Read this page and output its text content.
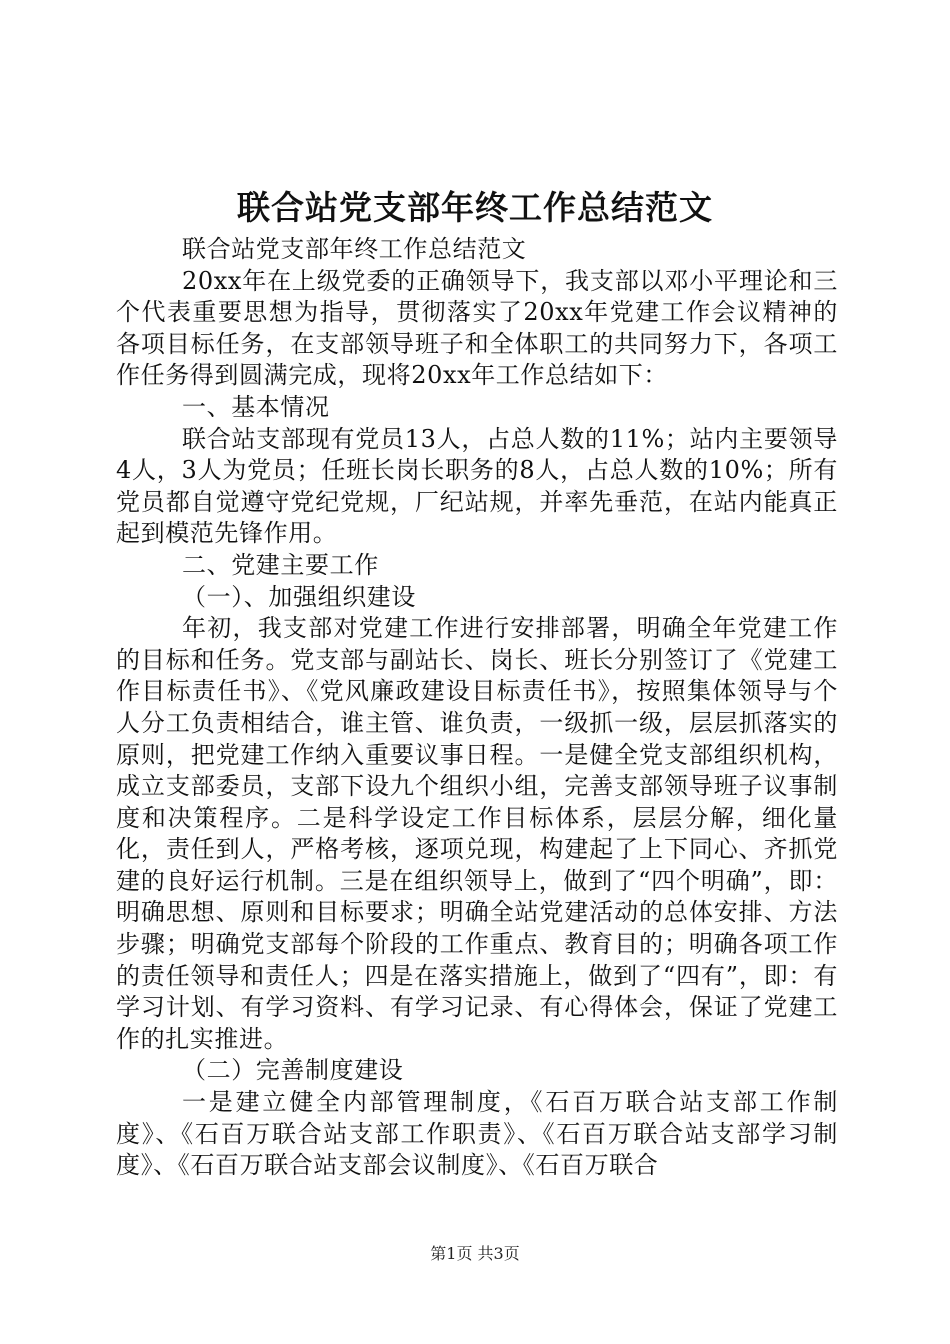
联合站党支部年终工作总结范文

联合站党支部年终工作总结范文

20xx年在上级党委的正确领导下，我支部以邓小平理论和三个代表重要思想为指导，贯彻落实了20xx年党建工作会议精神的各项目标任务，在支部领导班子和全体职工的共同努力下，各项工作任务得到圆满完成，现将20xx年工作总结如下：

一、基本情况

联合站支部现有党员13人，占总人数的11%；站内主要领导4人，3人为党员；任班长岗长职务的8人，占总人数的10%；所有党员都自觉遵守党纪党规，厂纪站规，并率先垂范，在站内能真正起到模范先锋作用。

二、党建主要工作

（一）、加强组织建设

年初，我支部对党建工作进行安排部署，明确全年党建工作的目标和任务。党支部与副站长、岗长、班长分别签订了《党建工作目标责任书》、《党风廉政建设目标责任书》，按照集体领导与个人分工负责相结合，谁主管、谁负责，一级抓一级，层层抓落实的原则，把党建工作纳入重要议事日程。一是健全党支部组织机构，成立支部委员，支部下设九个组织小组，完善支部领导班子议事制度和决策程序。二是科学设定工作目标体系，层层分解，细化量化，责任到人，严格考核，逐项兑现，构建起了上下同心、齐抓党建的良好运行机制。三是在组织领导上，做到了“四个明确”，即：明确思想、原则和目标要求；明确全站党建活动的总体安排、方法步骤；明确党支部每个阶段的工作重点、教育目的；明确各项工作的责任领导和责任人；四是在落实措施上，做到了“四有”，即：有学习计划、有学习资料、有学习记录、有心得体会，保证了党建工作的扎实推进。

（二）完善制度建设

一是建立健全内部管理制度，《石百万联合站支部工作制度》、《石百万联合站支部工作职责》、《石百万联合站支部学习制度》、《石百万联合站支部会议制度》、《石百万联合

第1页 共3页
